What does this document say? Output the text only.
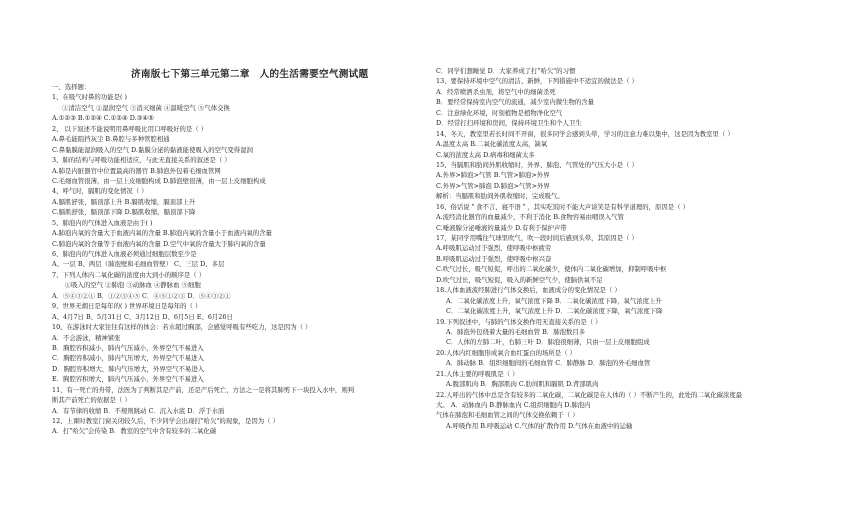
济南版七下第三单元第二章　人的生活需要空气测试题
一、选择题：
1、在吸气时鼻的功能是( )
①清洁空气 ②湿润空气 ③消灭细菌 ④温暖空气 ⑤气体交换
A.①②③ B.①②④ C.①②④ D.③④⑤
2、 以下叙述不能说明用鼻呼吸比用口呼吸好的是（ ）
A.鼻毛能阻挡灰尘 B.鼻腔与多种管腔相通
C.鼻黏膜能湿润吸入的空气 D.黏膜分泌的黏液能使吸入的空气变得湿润
3、肺的结构与呼吸功能相适应，与此无直接关系的叙述是（ ）
A.肺是内脏器官中位置最高的器官 B.肺泡外包着毛细血管网
C.毛细血管很薄，由一层上皮细胞构成 D.肺泡壁很薄，由一层上皮细胞构成
4、呼气时，膈肌的变化情况（ ）
A.膈肌舒张，膈顶部上升 B.膈肌收缩，膈顶部上升
C.膈肌舒张，膈顶部下降 D.膈肌收缩，膈顶部下降
5、肺泡内的气体进入血液是由于( )
A.肺泡内氧的含量大于血液内氧的含量 B.肺泡内氧的含量小于血液内氧的含量
C.肺泡内氧的含量等于血液内氧的含量 D.空气中氧的含量大于肺内氧的含量
6、肺泡内的气体进入血液必须通过细胞层数至少是
A、一层 B、两层（肺泡壁和毛细血管壁） C、三层 D、多层
7、下列人体内二氧化碳的浓度由大到小的顺序是（ ）
　　①吸入的空气 ②肺泡 ③动脉血 ④静脉血 ⑤细胞
A．⑤④③②① B．①②③④⑤ C．④⑤①②③ D．⑤④③②①
9、世界无烟日是每年的( ) 世界环境日是每年的（ ）
A、4月7日 B、5月31日 C、3月12日 D、6月5日 E、6月26日
10、在游泳时大家往往有这样的体会：若水超过胸部，会感觉呼吸有些吃力，这是因为（ ）
A．不会游泳，精神紧张
B．胸腔容积减小，肺内气压减小，外界空气不易进入
C．胸腔容积减小，肺内气压增大，外界空气不易进入
D．胸腔容积增大，肺内气压增大，外界空气不易进入
E．胸腔容积增大，肺内气压减小，外界空气不易进入
11、有一死亡的舟带，法医为了判断其是产前，还是产后死亡，方法之一是将其肺剪下一块投入水中，则判
断其产前死亡的依据是（ ）
A．有节律的收缩 B．不规则跳动 C．沉入水底 D．浮于水面
12、上课时教室门窗关闭较久后，不少同学会出现打"哈欠"的现象，是因为（ ）
A．打"哈欠"会传染 B．教室的空气中含有较多的二氧化碳
C．同学们想睡觉 D．大家养成了打"哈欠"的习惯
13、要保持环境中空气的清洁、新鲜，下列措施中不适宜的做法是（ ）
A．经常喷洒杀虫剂，将空气中的细菌杀死
B．要经常保持室内空气的流通，减少室内微生物的含量
C．注意绿化环境，时刻植物是植物净化空气
D．经常打扫环境和房间，保持环境卫生和个人卫生
14、冬天，教室里若长时间不开窗，很多同学会感到头晕，学习的注意力难以集中，这是因为教室里（ ）
A.温度太高 B.二氧化碳浓度太高，缺氧
C.氧的浓度太高 D.病毒和细菌太多
15、当膈肌和肋间外肌收缩时，外界、肺泡、气管处的气压大小是（ ）
A.外界>肺泡>气管 B.气管>肺泡>外界
C.外界>气管>肺泡 D.肺泡>气管>外界
解析：当膈肌和肋间外肌收缩时，完成吸气。
16、俗话说＂食不言，寝不语＂，其实吃饭时不能大声谈笑是有科学道理的，原因是（ ）
A.流经消化器官的血量减少，不利于消化 B.食物容易由咽误入气管
C.唾液腺分泌唾液的量减少 D.有利于保护声带
17、某同学用嘴往气球里吹气，吹一段时间后感到头晕，其原因是（ ）
A.呼吸肌运动过于强烈，使呼吸中枢疲劳
B.呼吸肌运动过于强烈，使呼吸中枢兴奋
C.吹气过长，吸气短促，呼出的二氧化碳少，使体内二氧化碳增加，抑制呼吸中枢
D.吹气过长，吸气短促，吸入的新鲜空气少，使脑供氧不足
18.人体血液流经肺进行气体交换后，血液成分的变化情况是（ ）
A．二氧化碳浓度上升，氧气浓度下降 B．二氧化碳浓度下降，氧气浓度上升
C．二氧化碳浓度上升，氧气浓度上升 D．二氧化碳浓度下降，氧气浓度下降
19.下列叙述中，与肺的气体交换作用无直接关系的是（ ）
A．肺泡外包绕着大量的毛细血管 B．肺泡数目多
C．人体的左肺二叶，右肺三叶 D．肺泡很细薄，只由一层上皮细胞组成
20.人体内红细胞形成氧合血红蛋白的场所是（ ）
A．肺动脉 B．组织细胞间的毛细血管 C．肺静脉 D．肺泡的外毛细血管
21.人体主要的呼吸肌是（ ）
A.腹部肌肉 B．胸部肌肉 C.肋间肌和膈肌 D.背部肌肉
22.人呼出的气体中总是含有较多的二氧化碳，二氧化碳是在人体的（ ）不断产生的，此处的二氧化碳浓度最
大。 A．动脉血内 B.静脉血内 C.组织细胞内 D.肺泡内
气体在肺泡和毛细血管之间的气体交换依赖于（ ）
A.呼吸作用 B.呼吸运动 C.气体的扩散作用 D.气体在血液中的运输
